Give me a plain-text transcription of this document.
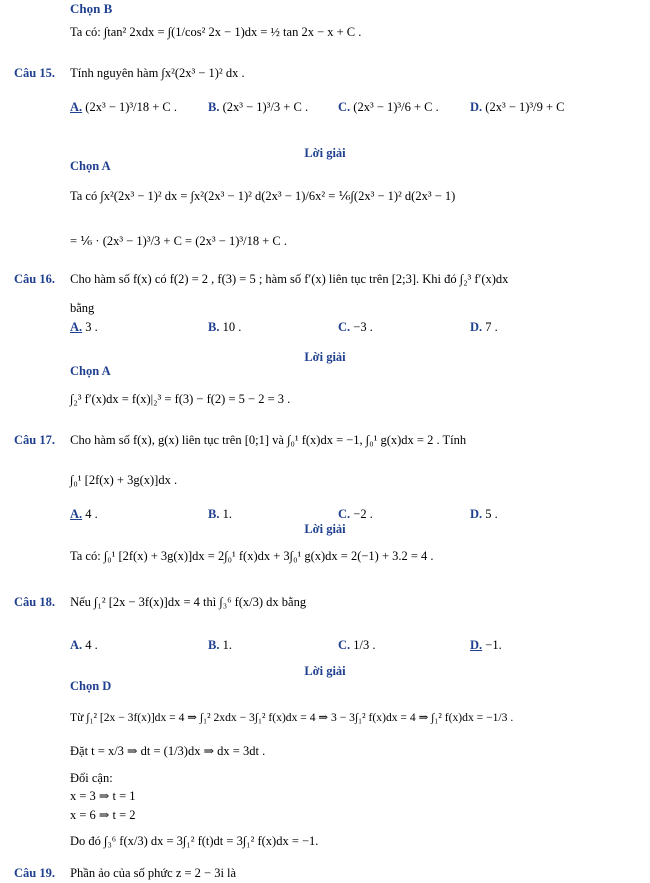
Chọn B
Ta có: ∫tan² 2xdx = ∫(1/cos² 2x − 1)dx = ½ tan 2x − x + C .
Câu 15. Tính nguyên hàm ∫x²(2x³ − 1)² dx .
A. (2x³ − 1)³/18 + C . B. (2x³ − 1)³/3 + C . C. (2x³ − 1)³/6 + C . D. (2x³ − 1)³/9 + C
Lời giải
Chọn A
Ta có ∫x²(2x³ − 1)² dx = ∫x²(2x³ − 1)² d(2x³ − 1)/6x² = ⅙∫(2x³ − 1)² d(2x³ − 1)
= ⅙ · (2x³ − 1)³/3 + C = (2x³ − 1)³/18 + C .
Câu 16. Cho hàm số f(x) có f(2) = 2 , f(3) = 5 ; hàm số f′(x) liên tục trên [2;3]. Khi đó ∫₂³ f′(x)dx
bằng
A. 3 .	B. 10 .	C. −3 .	D. 7 .
Lời giải
Chọn A
∫₂³ f′(x)dx = f(x)|₂³ = f(3) − f(2) = 5 − 2 = 3 .
Câu 17. Cho hàm số f(x), g(x) liên tục trên [0;1] và ∫₀¹ f(x)dx = −1, ∫₀¹ g(x)dx = 2 . Tính
∫₀¹ [2f(x) + 3g(x)]dx .
A. 4 .	B. 1.	C. −2 .	D. 5 .
Lời giải
Ta có: ∫₀¹ [2f(x) + 3g(x)]dx = 2∫₀¹ f(x)dx + 3∫₀¹ g(x)dx = 2(−1) + 3.2 = 4 .
Câu 18. Nếu ∫₁² [2x − 3f(x)]dx = 4 thì ∫₃⁶ f(x/3) dx bằng
A. 4 .	B. 1.	C. 1/3 .	D. −1.
Lời giải
Chọn D
Từ ∫₁² [2x − 3f(x)]dx = 4 ⇒ ∫₁² 2xdx − 3∫₁² f(x)dx = 4 ⇒ 3 − 3∫₁² f(x)dx = 4 ⇒ ∫₁² f(x)dx = −1/3 .
Đặt t = x/3 ⇒ dt = (1/3)dx ⇒ dx = 3dt .
Đổi cận:
x = 3 ⇒ t = 1
x = 6 ⇒ t = 2
Do đó ∫₃⁶ f(x/3) dx = 3∫₁² f(t)dt = 3∫₁² f(x)dx = −1.
Câu 19. Phần ảo của số phức z = 2 − 3i là
